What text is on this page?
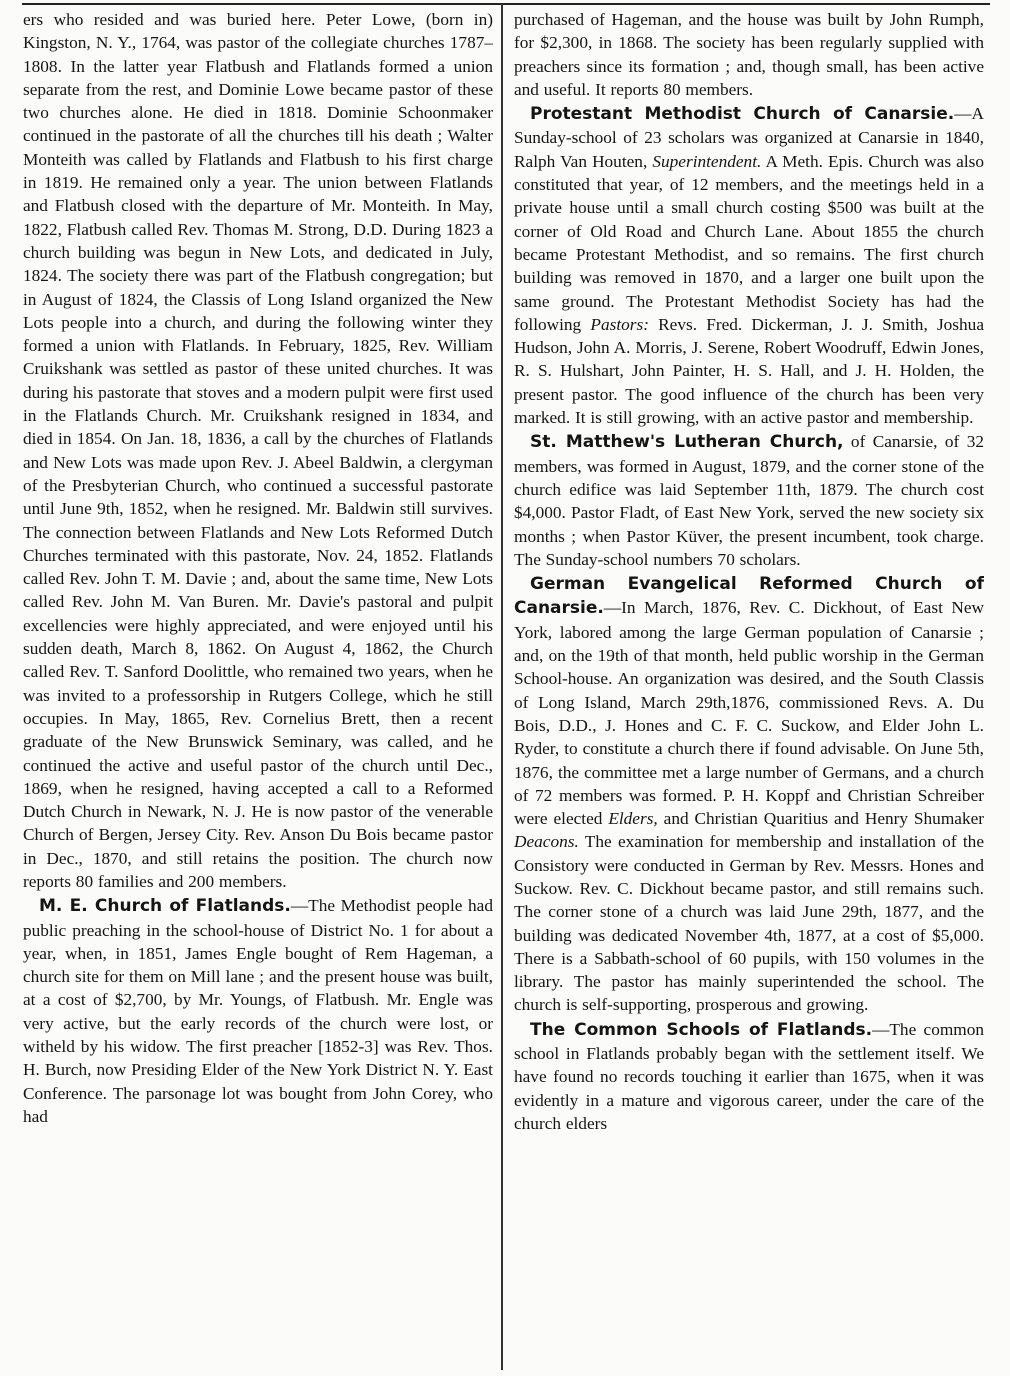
ers who resided and was buried here. Peter Lowe, (born in) Kingston, N. Y., 1764, was pastor of the collegiate churches 1787–1808. In the latter year Flatbush and Flatlands formed a union separate from the rest, and Dominie Lowe became pastor of these two churches alone. He died in 1818. Dominie Schoonmaker continued in the pastorate of all the churches till his death ; Walter Monteith was called by Flatlands and Flatbush to his first charge in 1819. He remained only a year. The union between Flatlands and Flatbush closed with the departure of Mr. Monteith. In May, 1822, Flatbush called Rev. Thomas M. Strong, D.D. During 1823 a church building was begun in New Lots, and dedicated in July, 1824. The society there was part of the Flatbush congregation; but in August of 1824, the Classis of Long Island organized the New Lots people into a church, and during the following winter they formed a union with Flatlands. In February, 1825, Rev. William Cruikshank was settled as pastor of these united churches. It was during his pastorate that stoves and a modern pulpit were first used in the Flatlands Church. Mr. Cruikshank resigned in 1834, and died in 1854. On Jan. 18, 1836, a call by the churches of Flatlands and New Lots was made upon Rev. J. Abeel Baldwin, a clergyman of the Presbyterian Church, who continued a successful pastorate until June 9th, 1852, when he resigned. Mr. Baldwin still survives. The connection between Flatlands and New Lots Reformed Dutch Churches terminated with this pastorate, Nov. 24, 1852. Flatlands called Rev. John T. M. Davie ; and, about the same time, New Lots called Rev. John M. Van Buren. Mr. Davie's pastoral and pulpit excellencies were highly appreciated, and were enjoyed until his sudden death, March 8, 1862. On August 4, 1862, the Church called Rev. T. Sanford Doolittle, who remained two years, when he was invited to a professorship in Rutgers College, which he still occupies. In May, 1865, Rev. Cornelius Brett, then a recent graduate of the New Brunswick Seminary, was called, and he continued the active and useful pastor of the church until Dec., 1869, when he resigned, having accepted a call to a Reformed Dutch Church in Newark, N. J. He is now pastor of the venerable Church of Bergen, Jersey City. Rev. Anson Du Bois became pastor in Dec., 1870, and still retains the position. The church now reports 80 families and 200 members.

M. E. Church of Flatlands.—The Methodist people had public preaching in the school-house of District No. 1 for about a year, when, in 1851, James Engle bought of Rem Hageman, a church site for them on Mill lane ; and the present house was built, at a cost of $2,700, by Mr. Youngs, of Flatbush. Mr. Engle was very active, but the early records of the church were lost, or witheld by his widow. The first preacher [1852-3] was Rev. Thos. H. Burch, now Presiding Elder of the New York District N. Y. East Conference. The parsonage lot was bought from John Corey, who had

purchased of Hageman, and the house was built by John Rumph, for $2,300, in 1868. The society has been regularly supplied with preachers since its formation ; and, though small, has been active and useful. It reports 80 members.

Protestant Methodist Church of Canarsie.—A Sunday-school of 23 scholars was organized at Canarsie in 1840, Ralph Van Houten, Superintendent. A Meth. Epis. Church was also constituted that year, of 12 members, and the meetings held in a private house until a small church costing $500 was built at the corner of Old Road and Church Lane. About 1855 the church became Protestant Methodist, and so remains. The first church building was removed in 1870, and a larger one built upon the same ground. The Protestant Methodist Society has had the following Pastors: Revs. Fred. Dickerman, J. J. Smith, Joshua Hudson, John A. Morris, J. Serene, Robert Woodruff, Edwin Jones, R. S. Hulshart, John Painter, H. S. Hall, and J. H. Holden, the present pastor. The good influence of the church has been very marked. It is still growing, with an active pastor and membership.

St. Matthew's Lutheran Church, of Canarsie, of 32 members, was formed in August, 1879, and the corner stone of the church edifice was laid September 11th, 1879. The church cost $4,000. Pastor Fladt, of East New York, served the new society six months ; when Pastor Küver, the present incumbent, took charge. The Sunday-school numbers 70 scholars.

German Evangelical Reformed Church of Canarsie.—In March, 1876, Rev. C. Dickhout, of East New York, labored among the large German population of Canarsie ; and, on the 19th of that month, held public worship in the German School-house. An organization was desired, and the South Classis of Long Island, March 29th,1876, commissioned Revs. A. Du Bois, D.D., J. Hones and C. F. C. Suckow, and Elder John L. Ryder, to constitute a church there if found advisable. On June 5th, 1876, the committee met a large number of Germans, and a church of 72 members was formed. P. H. Koppf and Christian Schreiber were elected Elders, and Christian Quaritius and Henry Shumaker Deacons. The examination for membership and installation of the Consistory were conducted in German by Rev. Messrs. Hones and Suckow. Rev. C. Dickhout became pastor, and still remains such. The corner stone of a church was laid June 29th, 1877, and the building was dedicated November 4th, 1877, at a cost of $5,000. There is a Sabbath-school of 60 pupils, with 150 volumes in the library. The pastor has mainly superintended the school. The church is self-supporting, prosperous and growing.

The Common Schools of Flatlands.—The common school in Flatlands probably began with the settlement itself. We have found no records touching it earlier than 1675, when it was evidently in a mature and vigorous career, under the care of the church elders
